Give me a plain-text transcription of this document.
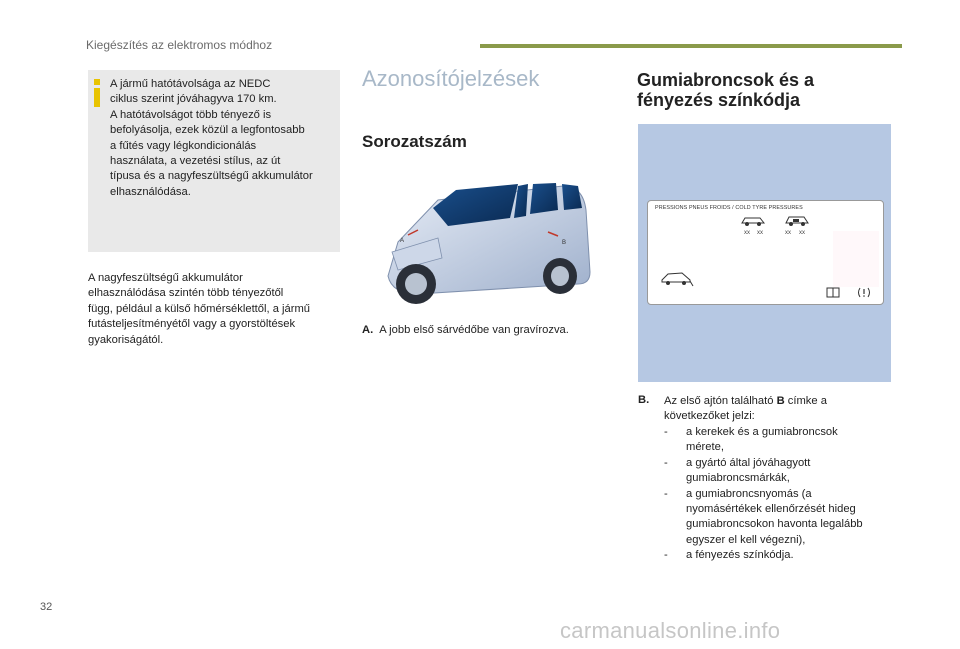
Kiegészítés az elektromos módhoz
A jármű hatótávolsága az NEDC
ciklus szerint jóváhagyva 170 km.
A hatótávolságot több tényező is
befolyásolja, ezek közül a legfontosabb
a fűtés vagy légkondicionálás
használata, a vezetési stílus, az út
típusa és a nagyfeszültségű akkumulátor
elhasználódása.
A nagyfeszültségű akkumulátor
elhasználódása szintén több tényezőtől
függ, például a külső hőmérséklettől, a jármű
futásteljesítményétől vagy a gyorstöltések
gyakoriságától.
Azonosítójelzések
Sorozatszám
A	B
A. A jobb első sárvédőbe van gravírozva.
Gumiabroncsok és a
fényezés színkódja
PRESSIONS PNEUS FROIDS / COLD TYRE PRESSURES
xx xx	xx xx
B. Az első ajtón található B címke a
következőket jelzi:
- a kerekek és a gumiabroncsok
mérete,
- a gyártó által jóváhagyott
gumiabroncsmárkák,
- a gumiabroncsnyomás (a
nyomásértékek ellenőrzését hideg
gumiabroncsokon havonta legalább
egyszer el kell végezni),
- a fényezés színkódja.
32
carmanualsonline.info
